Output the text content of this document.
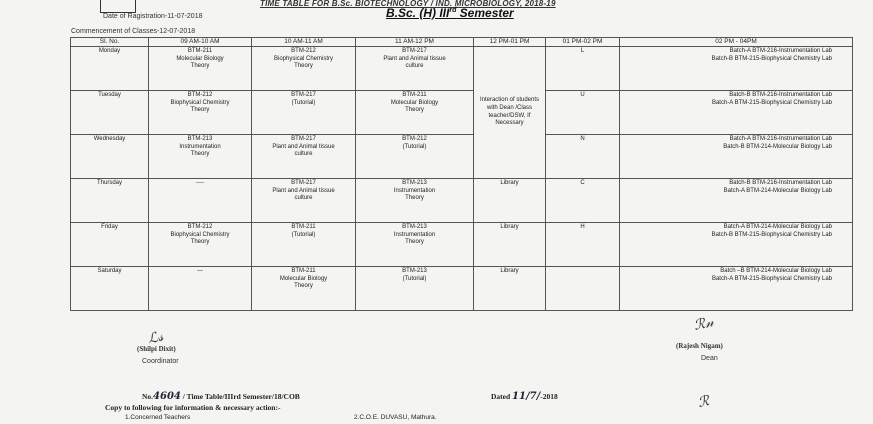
TIME TABLE FOR B.Sc. BIOTECHNOLOGY / IND. MICROBIOLOGY, 2018-19
B.Sc. (H) IIIrd Semester
Date of Ragistration-11-07-2018
Commencement of Classes-12-07-2018
Sl. No.	09 AM-10 AM	10 AM-11 AM	11 AM-12 PM	12 PM-01 PM	01 PM-02 PM	02 PM - 04PM

Monday	BTM-211
Molecular Biology
Theory	BTM-212
Biophysical Chemistry
Theory	BTM-217
Plant and Animal tissue
culture	Interaction of students with Dean /Class teacher/DSW, If Necessary	L	Batch-A BTM-216-Instrumentation Lab
Batch-B BTM-215-Biophysical Chemistry Lab

Tuesday	BTM-212
Biophysical Chemistry
Theory	BTM-217
(Tutorial)	BTM-211
Molecular Biology
Theory		U	Batch-B BTM-216-Instrumentation Lab
Batch-A BTM-215-Biophysical Chemistry Lab

Wednesday	BTM-213
Instrumentation
Theory	BTM-217
Plant and Animal tissue
culture	BTM-212
(Tutorial)		N	Batch-A BTM-216-Instrumentation Lab
Batch-B BTM-214-Molecular Biology Lab

Thursday	----	BTM-217
Plant and Animal tissue
culture	BTM-213
Instrumentation
Theory	Library	C	Batch-B BTM-216-Instrumentation Lab
Batch-A BTM-214-Molecular Biology Lab

Friday	BTM-212
Biophysical Chemistry
Theory	BTM-211
(Tutorial)	BTM-213
Instrumentation
Theory	Library	H	Batch-A BTM-214-Molecular Biology Lab
Batch-B BTM-215-Biophysical Chemistry Lab

Saturday	---	BTM-211
Molecular Biology
Theory	BTM-213
(Tutorial)	Library		Batch –B BTM-214-Molecular Biology Lab
Batch-A BTM-215-Biophysical Chemistry Lab
ℒ𝓈
(Shilpi Dixit)
Coordinator
ℛ𝓃
(Rajesh Nigam)
Dean
No.4604 / Time Table/IIIrd Semester/18/COB	Dated 11/7/-2018
Copy to following for information & necessary action:-
1.Concerned Teachers	2.C.O.E. DUVASU, Mathura.
ℛ
